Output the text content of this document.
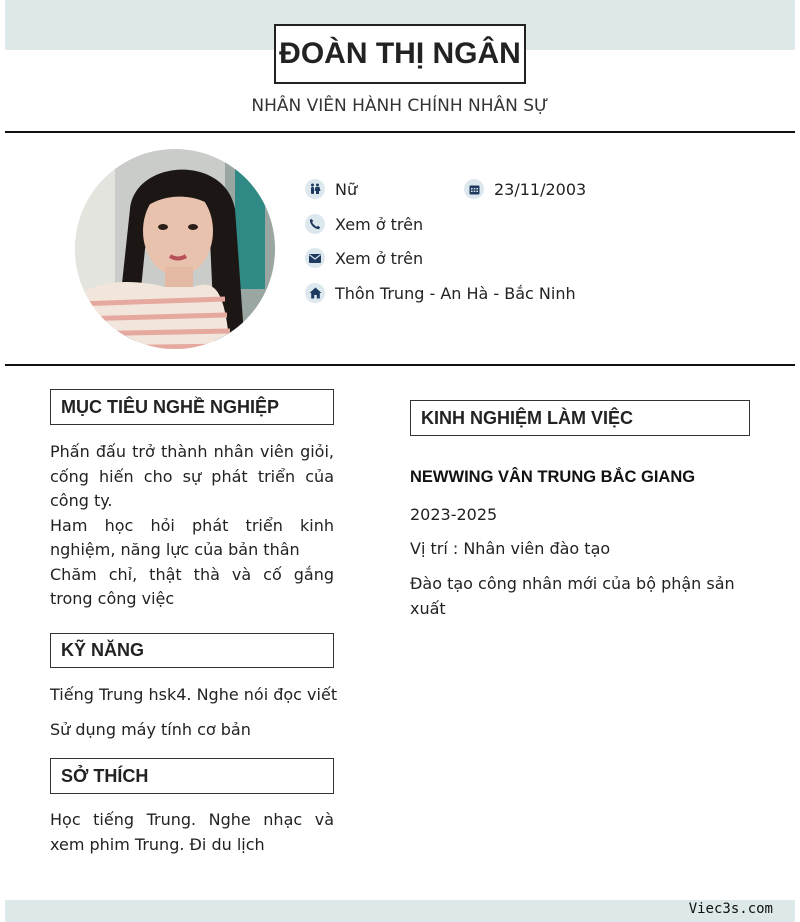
ĐOÀN THỊ NGÂN
NHÂN VIÊN HÀNH CHÍNH NHÂN SỰ
Nữ	23/11/2003
Xem ở trên
Xem ở trên
Thôn Trung - An Hà - Bắc Ninh
MỤC TIÊU NGHỀ NGHIỆP
Phấn đấu trở thành nhân viên giỏi, cống hiến cho sự phát triển của công ty.
Ham học hỏi phát triển kinh nghiệm, năng lực của bản thân
Chăm chỉ, thật thà và cố gắng trong công việc
KỸ NĂNG
Tiếng Trung hsk4. Nghe nói đọc viết
Sử dụng máy tính cơ bản
SỞ THÍCH
Học tiếng Trung. Nghe nhạc và xem phim Trung. Đi du lịch
KINH NGHIỆM LÀM VIỆC
NEWWING VÂN TRUNG BẮC GIANG
2023-2025
Vị trí : Nhân viên đào tạo
Đào tạo công nhân mới của bộ phận sản xuất
Viec3s.com
